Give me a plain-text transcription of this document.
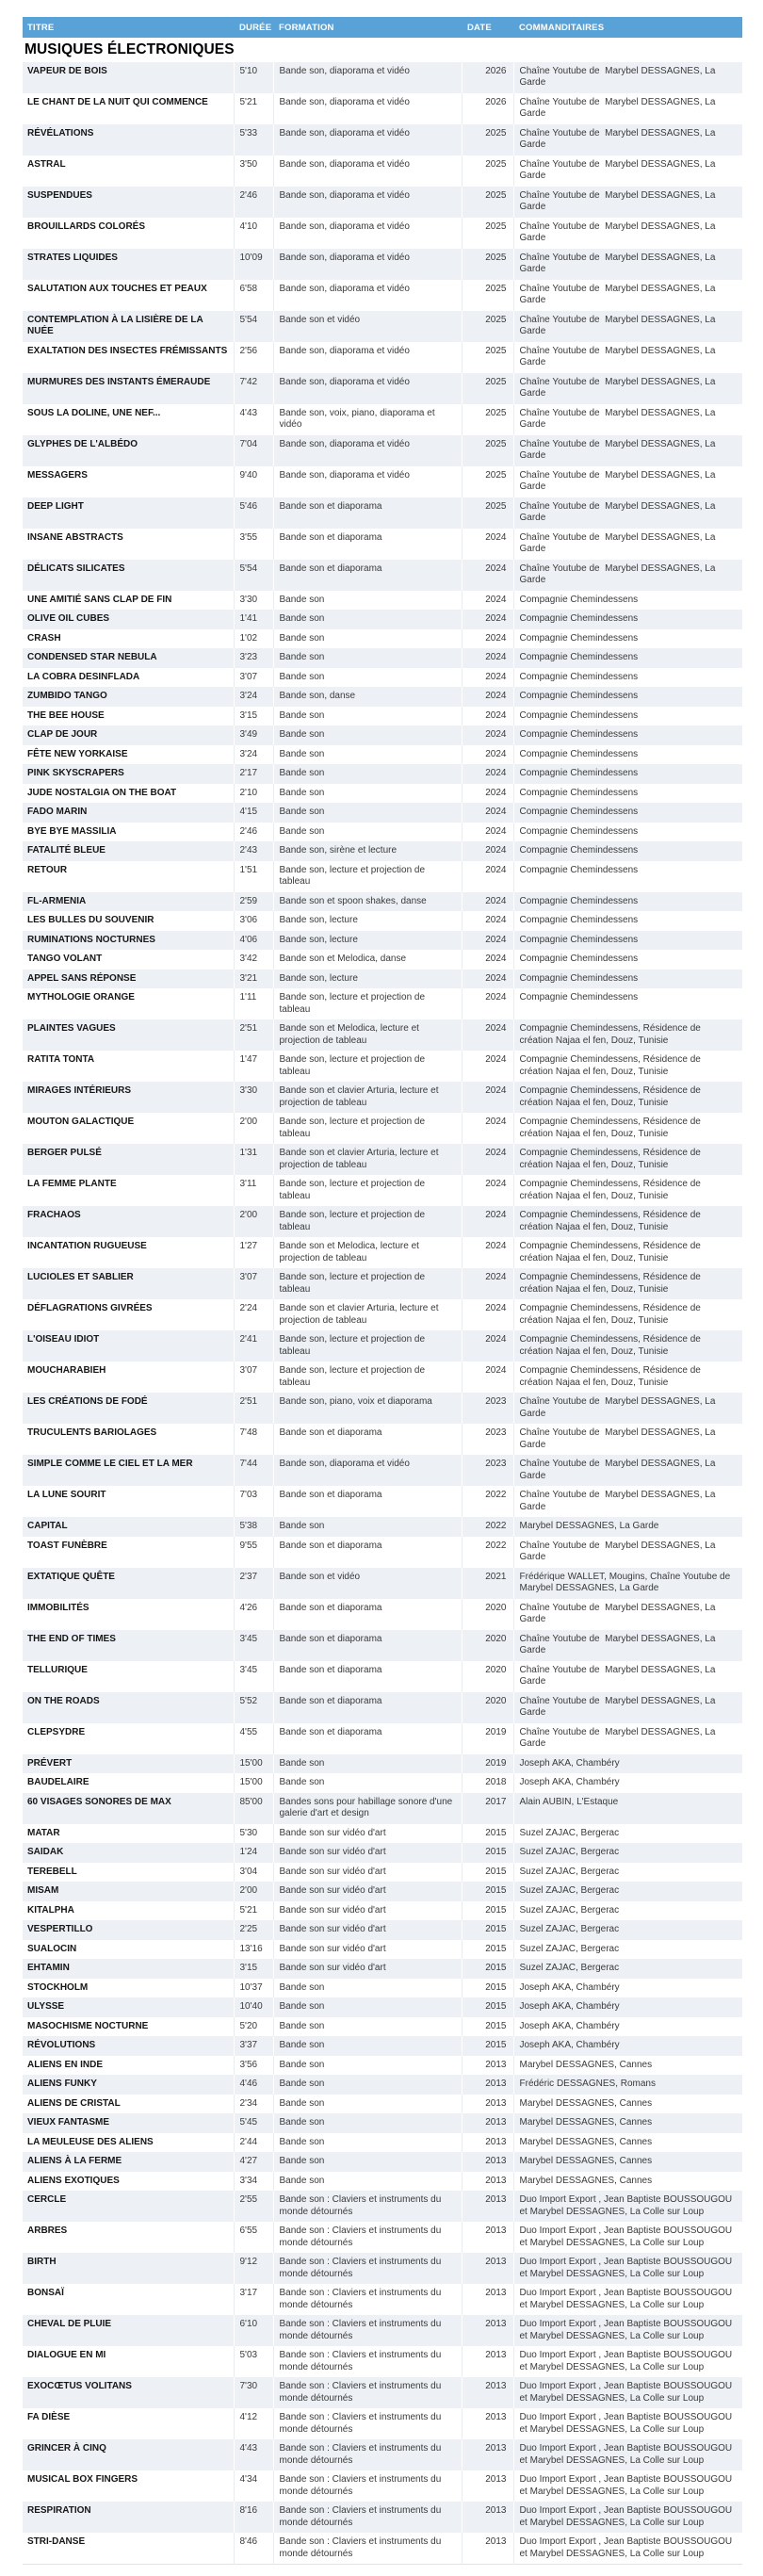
TITRE	DURÉE	FORMATION	DATE	COMMANDITAIRES
MUSIQUES ÉLECTRONIQUES				
VAPEUR DE BOIS	5'10	Bande son, diaporama et vidéo	2026	Chaîne Youtube de  Marybel DESSAGNES, La Garde
LE CHANT DE LA NUIT QUI COMMENCE	5'21	Bande son, diaporama et vidéo	2026	Chaîne Youtube de  Marybel DESSAGNES, La Garde
RÉVÉLATIONS	5'33	Bande son, diaporama et vidéo	2025	Chaîne Youtube de  Marybel DESSAGNES, La Garde
ASTRAL	3'50	Bande son, diaporama et vidéo	2025	Chaîne Youtube de  Marybel DESSAGNES, La Garde
SUSPENDUES	2'46	Bande son, diaporama et vidéo	2025	Chaîne Youtube de  Marybel DESSAGNES, La Garde
BROUILLARDS COLORÉS	4'10	Bande son, diaporama et vidéo	2025	Chaîne Youtube de  Marybel DESSAGNES, La Garde
STRATES LIQUIDES	10'09	Bande son, diaporama et vidéo	2025	Chaîne Youtube de  Marybel DESSAGNES, La Garde
SALUTATION AUX TOUCHES ET PEAUX	6'58	Bande son, diaporama et vidéo	2025	Chaîne Youtube de  Marybel DESSAGNES, La Garde
CONTEMPLATION À LA LISIÈRE DE LA NUÉE	5'54	Bande son et vidéo	2025	Chaîne Youtube de  Marybel DESSAGNES, La Garde
EXALTATION DES INSECTES FRÉMISSANTS	2'56	Bande son, diaporama et vidéo	2025	Chaîne Youtube de  Marybel DESSAGNES, La Garde
MURMURES DES INSTANTS ÉMERAUDE	7'42	Bande son, diaporama et vidéo	2025	Chaîne Youtube de  Marybel DESSAGNES, La Garde
SOUS LA DOLINE, UNE NEF...	4'43	Bande son, voix, piano, diaporama et vidéo	2025	Chaîne Youtube de  Marybel DESSAGNES, La Garde
GLYPHES DE L'ALBÉDO	7'04	Bande son, diaporama et vidéo	2025	Chaîne Youtube de  Marybel DESSAGNES, La Garde
MESSAGERS	9'40	Bande son, diaporama et vidéo	2025	Chaîne Youtube de  Marybel DESSAGNES, La Garde
DEEP LIGHT	5'46	Bande son et diaporama	2025	Chaîne Youtube de  Marybel DESSAGNES, La Garde
INSANE ABSTRACTS	3'55	Bande son et diaporama	2024	Chaîne Youtube de  Marybel DESSAGNES, La Garde
DÉLICATS SILICATES	5'54	Bande son et diaporama	2024	Chaîne Youtube de  Marybel DESSAGNES, La Garde
UNE AMITIÉ SANS CLAP DE FIN	3'30	Bande son	2024	Compagnie Chemindessens
OLIVE OIL CUBES	1'41	Bande son	2024	Compagnie Chemindessens
CRASH	1'02	Bande son	2024	Compagnie Chemindessens
CONDENSED STAR NEBULA	3'23	Bande son	2024	Compagnie Chemindessens
LA COBRA DESINFLADA	3'07	Bande son	2024	Compagnie Chemindessens
ZUMBIDO TANGO	3'24	Bande son, danse	2024	Compagnie Chemindessens
THE BEE HOUSE	3'15	Bande son	2024	Compagnie Chemindessens
CLAP DE JOUR	3'49	Bande son	2024	Compagnie Chemindessens
FÊTE NEW YORKAISE	3'24	Bande son	2024	Compagnie Chemindessens
PINK SKYSCRAPERS	2'17	Bande son	2024	Compagnie Chemindessens
JUDE NOSTALGIA ON THE BOAT	2'10	Bande son	2024	Compagnie Chemindessens
FADO MARIN	4'15	Bande son	2024	Compagnie Chemindessens
BYE BYE MASSILIA	2'46	Bande son	2024	Compagnie Chemindessens
FATALITÉ BLEUE	2'43	Bande son, sirène et lecture	2024	Compagnie Chemindessens
RETOUR	1'51	Bande son, lecture et projection de tableau	2024	Compagnie Chemindessens
FL-ARMENIA	2'59	Bande son et spoon shakes, danse	2024	Compagnie Chemindessens
LES BULLES DU SOUVENIR	3'06	Bande son, lecture	2024	Compagnie Chemindessens
RUMINATIONS NOCTURNES	4'06	Bande son, lecture	2024	Compagnie Chemindessens
TANGO VOLANT	3'42	Bande son et Melodica, danse	2024	Compagnie Chemindessens
APPEL SANS RÉPONSE	3'21	Bande son, lecture	2024	Compagnie Chemindessens
MYTHOLOGIE ORANGE	1'11	Bande son, lecture et projection de tableau	2024	Compagnie Chemindessens
PLAINTES VAGUES	2'51	Bande son et Melodica, lecture et projection de tableau	2024	Compagnie Chemindessens, Résidence de création Najaa el fen, Douz, Tunisie
RATITA TONTA	1'47	Bande son, lecture et projection de tableau	2024	Compagnie Chemindessens, Résidence de création Najaa el fen, Douz, Tunisie
MIRAGES INTÉRIEURS	3'30	Bande son et clavier Arturia, lecture et projection de tableau	2024	Compagnie Chemindessens, Résidence de création Najaa el fen, Douz, Tunisie
MOUTON GALACTIQUE	2'00	Bande son, lecture et projection de tableau	2024	Compagnie Chemindessens, Résidence de création Najaa el fen, Douz, Tunisie
BERGER PULSÉ	1'31	Bande son et clavier Arturia, lecture et projection de tableau	2024	Compagnie Chemindessens, Résidence de création Najaa el fen, Douz, Tunisie
LA FEMME PLANTE	3'11	Bande son, lecture et projection de tableau	2024	Compagnie Chemindessens, Résidence de création Najaa el fen, Douz, Tunisie
FRACHAOS	2'00	Bande son, lecture et projection de tableau	2024	Compagnie Chemindessens, Résidence de création Najaa el fen, Douz, Tunisie
INCANTATION RUGUEUSE	1'27	Bande son et Melodica, lecture et projection de tableau	2024	Compagnie Chemindessens, Résidence de création Najaa el fen, Douz, Tunisie
LUCIOLES ET SABLIER	3'07	Bande son, lecture et projection de tableau	2024	Compagnie Chemindessens, Résidence de création Najaa el fen, Douz, Tunisie
DÉFLAGRATIONS GIVRÉES	2'24	Bande son et clavier Arturia, lecture et projection de tableau	2024	Compagnie Chemindessens, Résidence de création Najaa el fen, Douz, Tunisie
L'OISEAU IDIOT	2'41	Bande son, lecture et projection de tableau	2024	Compagnie Chemindessens, Résidence de création Najaa el fen, Douz, Tunisie
MOUCHARABIEH	3'07	Bande son, lecture et projection de tableau	2024	Compagnie Chemindessens, Résidence de création Najaa el fen, Douz, Tunisie
LES CRÉATIONS DE FODÉ	2'51	Bande son, piano, voix et diaporama	2023	Chaîne Youtube de  Marybel DESSAGNES, La Garde
TRUCULENTS BARIOLAGES	7'48	Bande son et diaporama	2023	Chaîne Youtube de  Marybel DESSAGNES, La Garde
SIMPLE COMME LE CIEL ET LA MER	7'44	Bande son, diaporama et vidéo	2023	Chaîne Youtube de  Marybel DESSAGNES, La Garde
LA LUNE SOURIT	7'03	Bande son et diaporama	2022	Chaîne Youtube de  Marybel DESSAGNES, La Garde
CAPITAL	5'38	Bande son	2022	Marybel DESSAGNES, La Garde
TOAST FUNÈBRE	9'55	Bande son et diaporama	2022	Chaîne Youtube de  Marybel DESSAGNES, La Garde
EXTATIQUE QUÊTE	2'37	Bande son et vidéo	2021	Frédérique WALLET, Mougins, Chaîne Youtube de Marybel DESSAGNES, La Garde
IMMOBILITÉS	4'26	Bande son et diaporama	2020	Chaîne Youtube de  Marybel DESSAGNES, La Garde
THE END OF TIMES	3'45	Bande son et diaporama	2020	Chaîne Youtube de  Marybel DESSAGNES, La Garde
TELLURIQUE	3'45	Bande son et diaporama	2020	Chaîne Youtube de  Marybel DESSAGNES, La Garde
ON THE ROADS	5'52	Bande son et diaporama	2020	Chaîne Youtube de  Marybel DESSAGNES, La Garde
CLEPSYDRE	4'55	Bande son et diaporama	2019	Chaîne Youtube de  Marybel DESSAGNES, La Garde
PRÉVERT	15'00	Bande son	2019	Joseph AKA, Chambéry
BAUDELAIRE	15'00	Bande son	2018	Joseph AKA, Chambéry
60 VISAGES SONORES DE MAX	85'00	Bandes sons pour habillage sonore d'une galerie d'art et design	2017	Alain AUBIN, L'Estaque
MATAR	5'30	Bande son sur vidéo d'art	2015	Suzel ZAJAC, Bergerac
SAIDAK	1'24	Bande son sur vidéo d'art	2015	Suzel ZAJAC, Bergerac
TEREBELL	3'04	Bande son sur vidéo d'art	2015	Suzel ZAJAC, Bergerac
MISAM	2'00	Bande son sur vidéo d'art	2015	Suzel ZAJAC, Bergerac
KITALPHA	5'21	Bande son sur vidéo d'art	2015	Suzel ZAJAC, Bergerac
VESPERTILLO	2'25	Bande son sur vidéo d'art	2015	Suzel ZAJAC, Bergerac
SUALOCIN	13'16	Bande son sur vidéo d'art	2015	Suzel ZAJAC, Bergerac
EHTAMIN	3'15	Bande son sur vidéo d'art	2015	Suzel ZAJAC, Bergerac
STOCKHOLM	10'37	Bande son	2015	Joseph AKA, Chambéry
ULYSSE	10'40	Bande son	2015	Joseph AKA, Chambéry
MASOCHISME NOCTURNE	5'20	Bande son	2015	Joseph AKA, Chambéry
RÉVOLUTIONS	3'37	Bande son	2015	Joseph AKA, Chambéry
ALIENS EN INDE	3'56	Bande son	2013	Marybel DESSAGNES, Cannes
ALIENS FUNKY	4'46	Bande son	2013	Frédéric DESSAGNES, Romans
ALIENS DE CRISTAL	2'34	Bande son	2013	Marybel DESSAGNES, Cannes
VIEUX FANTASME	5'45	Bande son	2013	Marybel DESSAGNES, Cannes
LA MEULEUSE DES ALIENS	2'44	Bande son	2013	Marybel DESSAGNES, Cannes
ALIENS À LA FERME	4'27	Bande son	2013	Marybel DESSAGNES, Cannes
ALIENS EXOTIQUES	3'34	Bande son	2013	Marybel DESSAGNES, Cannes
CERCLE	2'55	Bande son : Claviers et instruments du monde détournés	2013	Duo Import Export , Jean Baptiste BOUSSOUGOU et Marybel DESSAGNES, La Colle sur Loup
ARBRES	6'55	Bande son : Claviers et instruments du monde détournés	2013	Duo Import Export , Jean Baptiste BOUSSOUGOU et Marybel DESSAGNES, La Colle sur Loup
BIRTH	9'12	Bande son : Claviers et instruments du monde détournés	2013	Duo Import Export , Jean Baptiste BOUSSOUGOU et Marybel DESSAGNES, La Colle sur Loup
BONSAÏ	3'17	Bande son : Claviers et instruments du monde détournés	2013	Duo Import Export , Jean Baptiste BOUSSOUGOU et Marybel DESSAGNES, La Colle sur Loup
CHEVAL DE PLUIE	6'10	Bande son : Claviers et instruments du monde détournés	2013	Duo Import Export , Jean Baptiste BOUSSOUGOU et Marybel DESSAGNES, La Colle sur Loup
DIALOGUE EN MI	5'03	Bande son : Claviers et instruments du monde détournés	2013	Duo Import Export , Jean Baptiste BOUSSOUGOU et Marybel DESSAGNES, La Colle sur Loup
EXOCŒTUS VOLITANS	7'30	Bande son : Claviers et instruments du monde détournés	2013	Duo Import Export , Jean Baptiste BOUSSOUGOU et Marybel DESSAGNES, La Colle sur Loup
FA DIÈSE	4'12	Bande son : Claviers et instruments du monde détournés	2013	Duo Import Export , Jean Baptiste BOUSSOUGOU et Marybel DESSAGNES, La Colle sur Loup
GRINCER À CINQ	4'43	Bande son : Claviers et instruments du monde détournés	2013	Duo Import Export , Jean Baptiste BOUSSOUGOU et Marybel DESSAGNES, La Colle sur Loup
MUSICAL BOX FINGERS	4'34	Bande son : Claviers et instruments du monde détournés	2013	Duo Import Export , Jean Baptiste BOUSSOUGOU et Marybel DESSAGNES, La Colle sur Loup
RESPIRATION	8'16	Bande son : Claviers et instruments du monde détournés	2013	Duo Import Export , Jean Baptiste BOUSSOUGOU et Marybel DESSAGNES, La Colle sur Loup
STRI-DANSE	8'46	Bande son : Claviers et instruments du monde détournés	2013	Duo Import Export , Jean Baptiste BOUSSOUGOU et Marybel DESSAGNES, La Colle sur Loup
